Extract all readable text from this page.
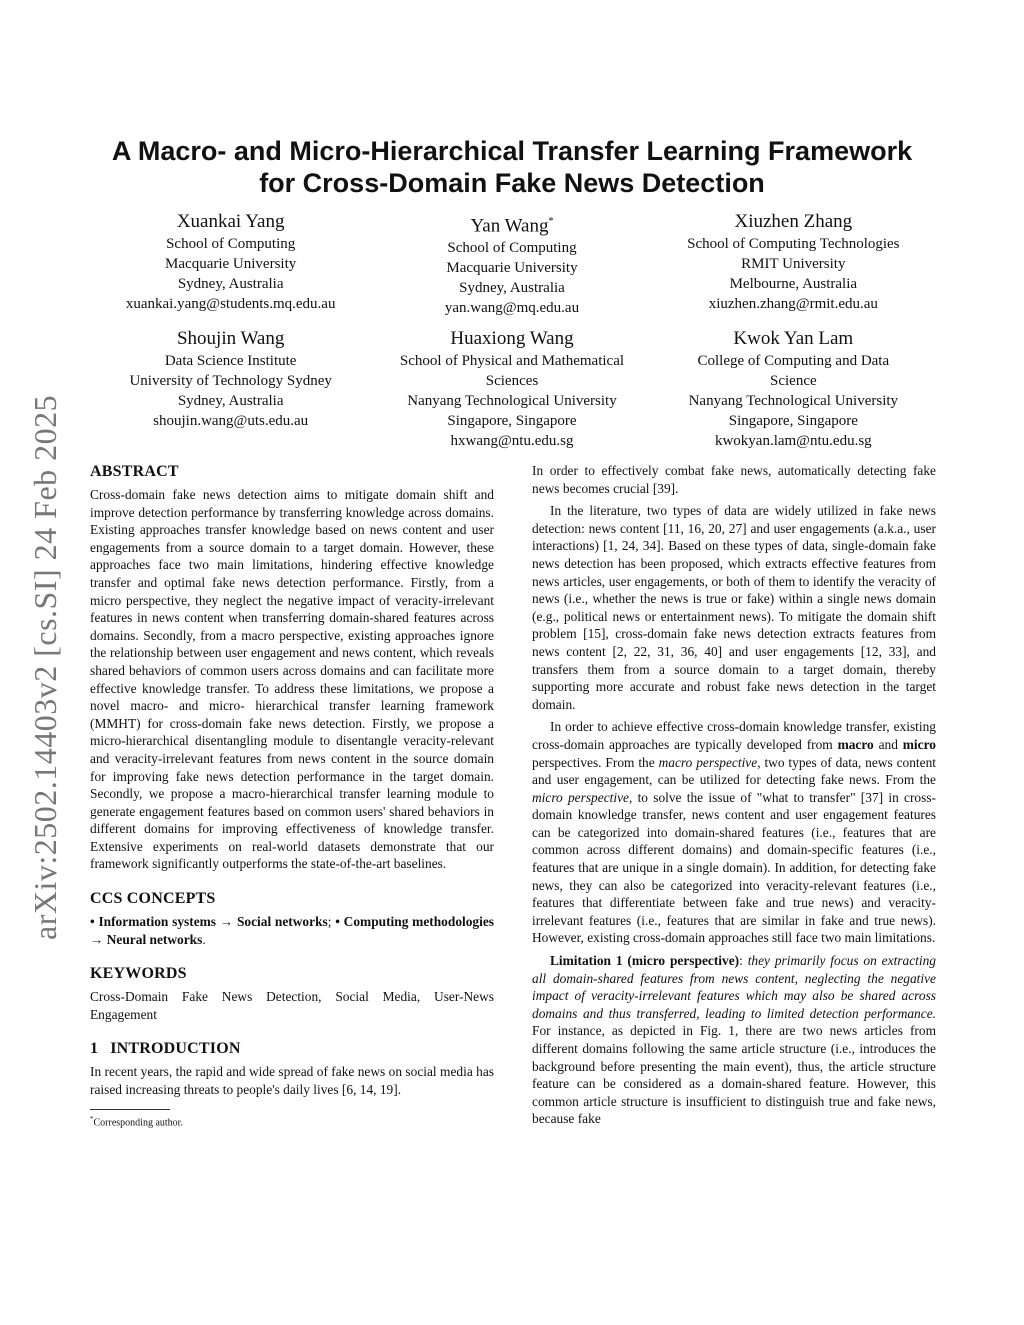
arXiv:2502.14403v2 [cs.SI] 24 Feb 2025
A Macro- and Micro-Hierarchical Transfer Learning Framework
for Cross-Domain Fake News Detection
Xuankai Yang
School of Computing
Macquarie University
Sydney, Australia
xuankai.yang@students.mq.edu.au
Yan Wang*
School of Computing
Macquarie University
Sydney, Australia
yan.wang@mq.edu.au
Xiuzhen Zhang
School of Computing Technologies
RMIT University
Melbourne, Australia
xiuzhen.zhang@rmit.edu.au
Shoujin Wang
Data Science Institute
University of Technology Sydney
Sydney, Australia
shoujin.wang@uts.edu.au
Huaxiong Wang
School of Physical and Mathematical
Sciences
Nanyang Technological University
Singapore, Singapore
hxwang@ntu.edu.sg
Kwok Yan Lam
College of Computing and Data
Science
Nanyang Technological University
Singapore, Singapore
kwokyan.lam@ntu.edu.sg
ABSTRACT

Cross-domain fake news detection aims to mitigate domain shift and improve detection performance by transferring knowledge across domains. Existing approaches transfer knowledge based on news content and user engagements from a source domain to a target domain. However, these approaches face two main limitations, hindering effective knowledge transfer and optimal fake news detection performance. Firstly, from a micro perspective, they neglect the negative impact of veracity-irrelevant features in news content when transferring domain-shared features across domains. Secondly, from a macro perspective, existing approaches ignore the relationship between user engagement and news content, which reveals shared behaviors of common users across domains and can facilitate more effective knowledge transfer. To address these limitations, we propose a novel macro- and micro- hierarchical transfer learning framework (MMHT) for cross-domain fake news detection. Firstly, we propose a micro-hierarchical disentangling module to disentangle veracity-relevant and veracity-irrelevant features from news content in the source domain for improving fake news detection performance in the target domain. Secondly, we propose a macro-hierarchical transfer learning module to generate engagement features based on common users' shared behaviors in different domains for improving effectiveness of knowledge transfer. Extensive experiments on real-world datasets demonstrate that our framework significantly outperforms the state-of-the-art baselines.

CCS CONCEPTS

• Information systems → Social networks; • Computing methodologies → Neural networks.

KEYWORDS

Cross-Domain Fake News Detection, Social Media, User-News Engagement

1 INTRODUCTION

In recent years, the rapid and wide spread of fake news on social media has raised increasing threats to people's daily lives [6, 14, 19].

*Corresponding author.

In order to effectively combat fake news, automatically detecting fake news becomes crucial [39].

In the literature, two types of data are widely utilized in fake news detection: news content [11, 16, 20, 27] and user engagements (a.k.a., user interactions) [1, 24, 34]. Based on these types of data, single-domain fake news detection has been proposed, which extracts effective features from news articles, user engagements, or both of them to identify the veracity of news (i.e., whether the news is true or fake) within a single news domain (e.g., political news or entertainment news). To mitigate the domain shift problem [15], cross-domain fake news detection extracts features from news content [2, 22, 31, 36, 40] and user engagements [12, 33], and transfers them from a source domain to a target domain, thereby supporting more accurate and robust fake news detection in the target domain.

In order to achieve effective cross-domain knowledge transfer, existing cross-domain approaches are typically developed from macro and micro perspectives. From the macro perspective, two types of data, news content and user engagement, can be utilized for detecting fake news. From the micro perspective, to solve the issue of "what to transfer" [37] in cross-domain knowledge transfer, news content and user engagement features can be categorized into domain-shared features (i.e., features that are common across different domains) and domain-specific features (i.e., features that are unique in a single domain). In addition, for detecting fake news, they can also be categorized into veracity-relevant features (i.e., features that differentiate between fake and true news) and veracity-irrelevant features (i.e., features that are similar in fake and true news). However, existing cross-domain approaches still face two main limitations.

Limitation 1 (micro perspective): they primarily focus on extracting all domain-shared features from news content, neglecting the negative impact of veracity-irrelevant features which may also be shared across domains and thus transferred, leading to limited detection performance. For instance, as depicted in Fig. 1, there are two news articles from different domains following the same article structure (i.e., introduces the background before presenting the main event), thus, the article structure feature can be considered as a domain-shared feature. However, this common article structure is insufficient to distinguish true and fake news, because fake
